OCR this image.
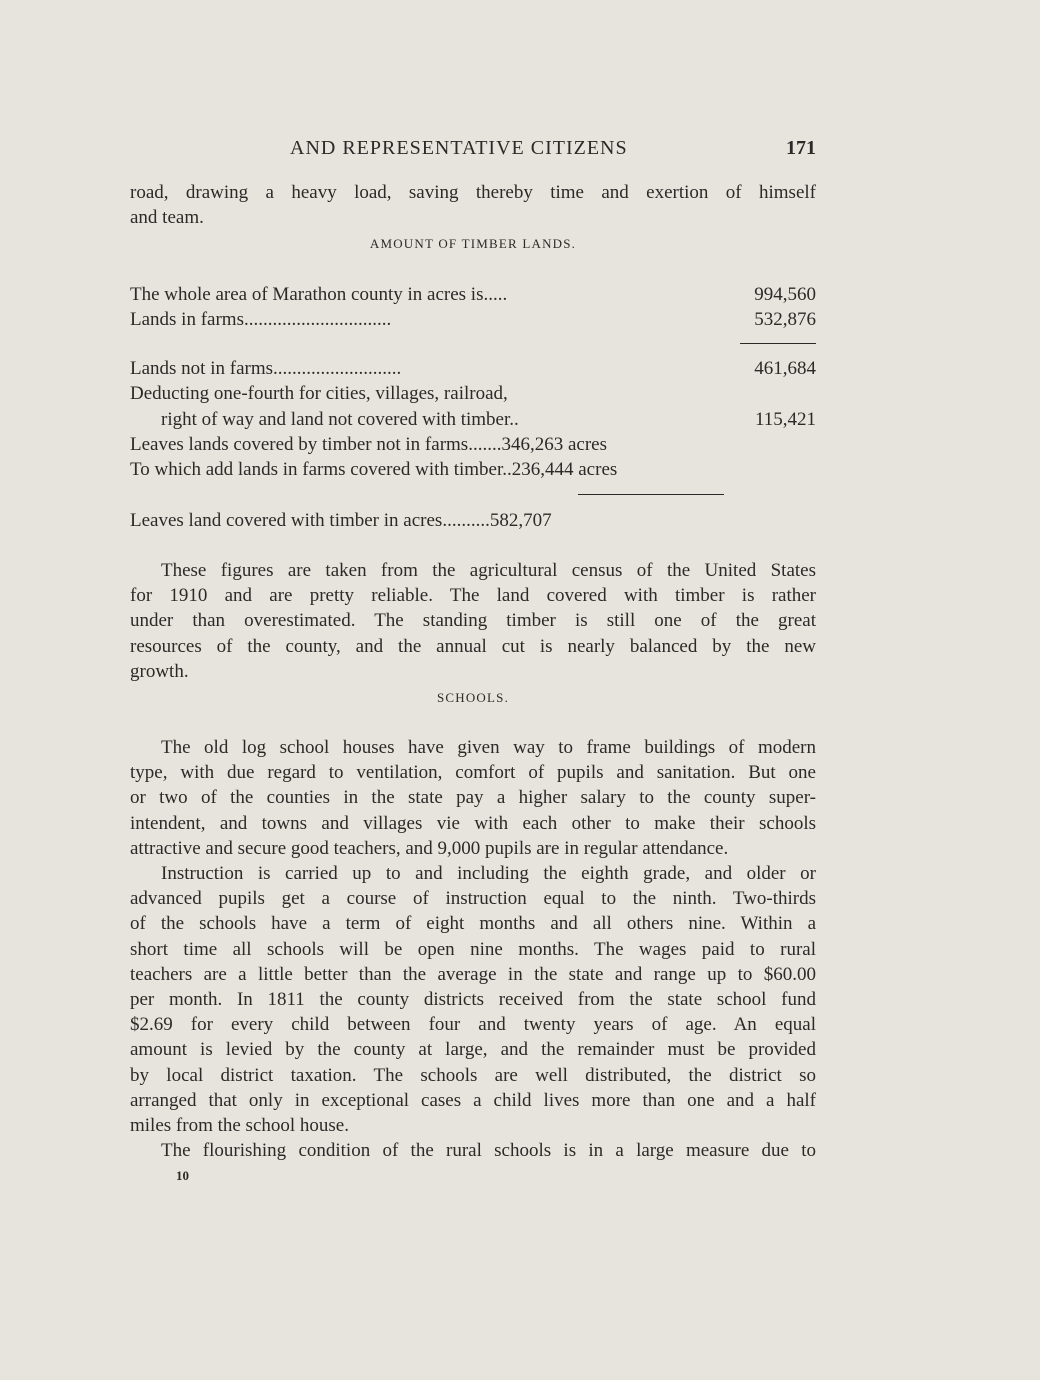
AND REPRESENTATIVE CITIZENS	171
road, drawing a heavy load, saving thereby time and exertion of himself
and team.
AMOUNT OF TIMBER LANDS.
The whole area of Marathon county in acres is.....	994,560
Lands in farms...............................	532,876
Lands not in farms...........................	461,684
Deducting one-fourth for cities, villages, railroad,
right of way and land not covered with timber..	115,421
Leaves lands covered by timber not in farms.......346,263 acres
To which add lands in farms covered with timber..236,444 acres
Leaves land covered with timber in acres..........582,707
These figures are taken from the agricultural census of the United States
for 1910 and are pretty reliable. The land covered with timber is rather
under than overestimated. The standing timber is still one of the great
resources of the county, and the annual cut is nearly balanced by the new
growth.
SCHOOLS.
The old log school houses have given way to frame buildings of modern
type, with due regard to ventilation, comfort of pupils and sanitation. But one
or two of the counties in the state pay a higher salary to the county super-
intendent, and towns and villages vie with each other to make their schools
attractive and secure good teachers, and 9,000 pupils are in regular attendance.
Instruction is carried up to and including the eighth grade, and older or
advanced pupils get a course of instruction equal to the ninth. Two-thirds
of the schools have a term of eight months and all others nine. Within a
short time all schools will be open nine months. The wages paid to rural
teachers are a little better than the average in the state and range up to $60.00
per month. In 1811 the county districts received from the state school fund
$2.69 for every child between four and twenty years of age. An equal
amount is levied by the county at large, and the remainder must be provided
by local district taxation. The schools are well distributed, the district so
arranged that only in exceptional cases a child lives more than one and a half
miles from the school house.
The flourishing condition of the rural schools is in a large measure due to
10
